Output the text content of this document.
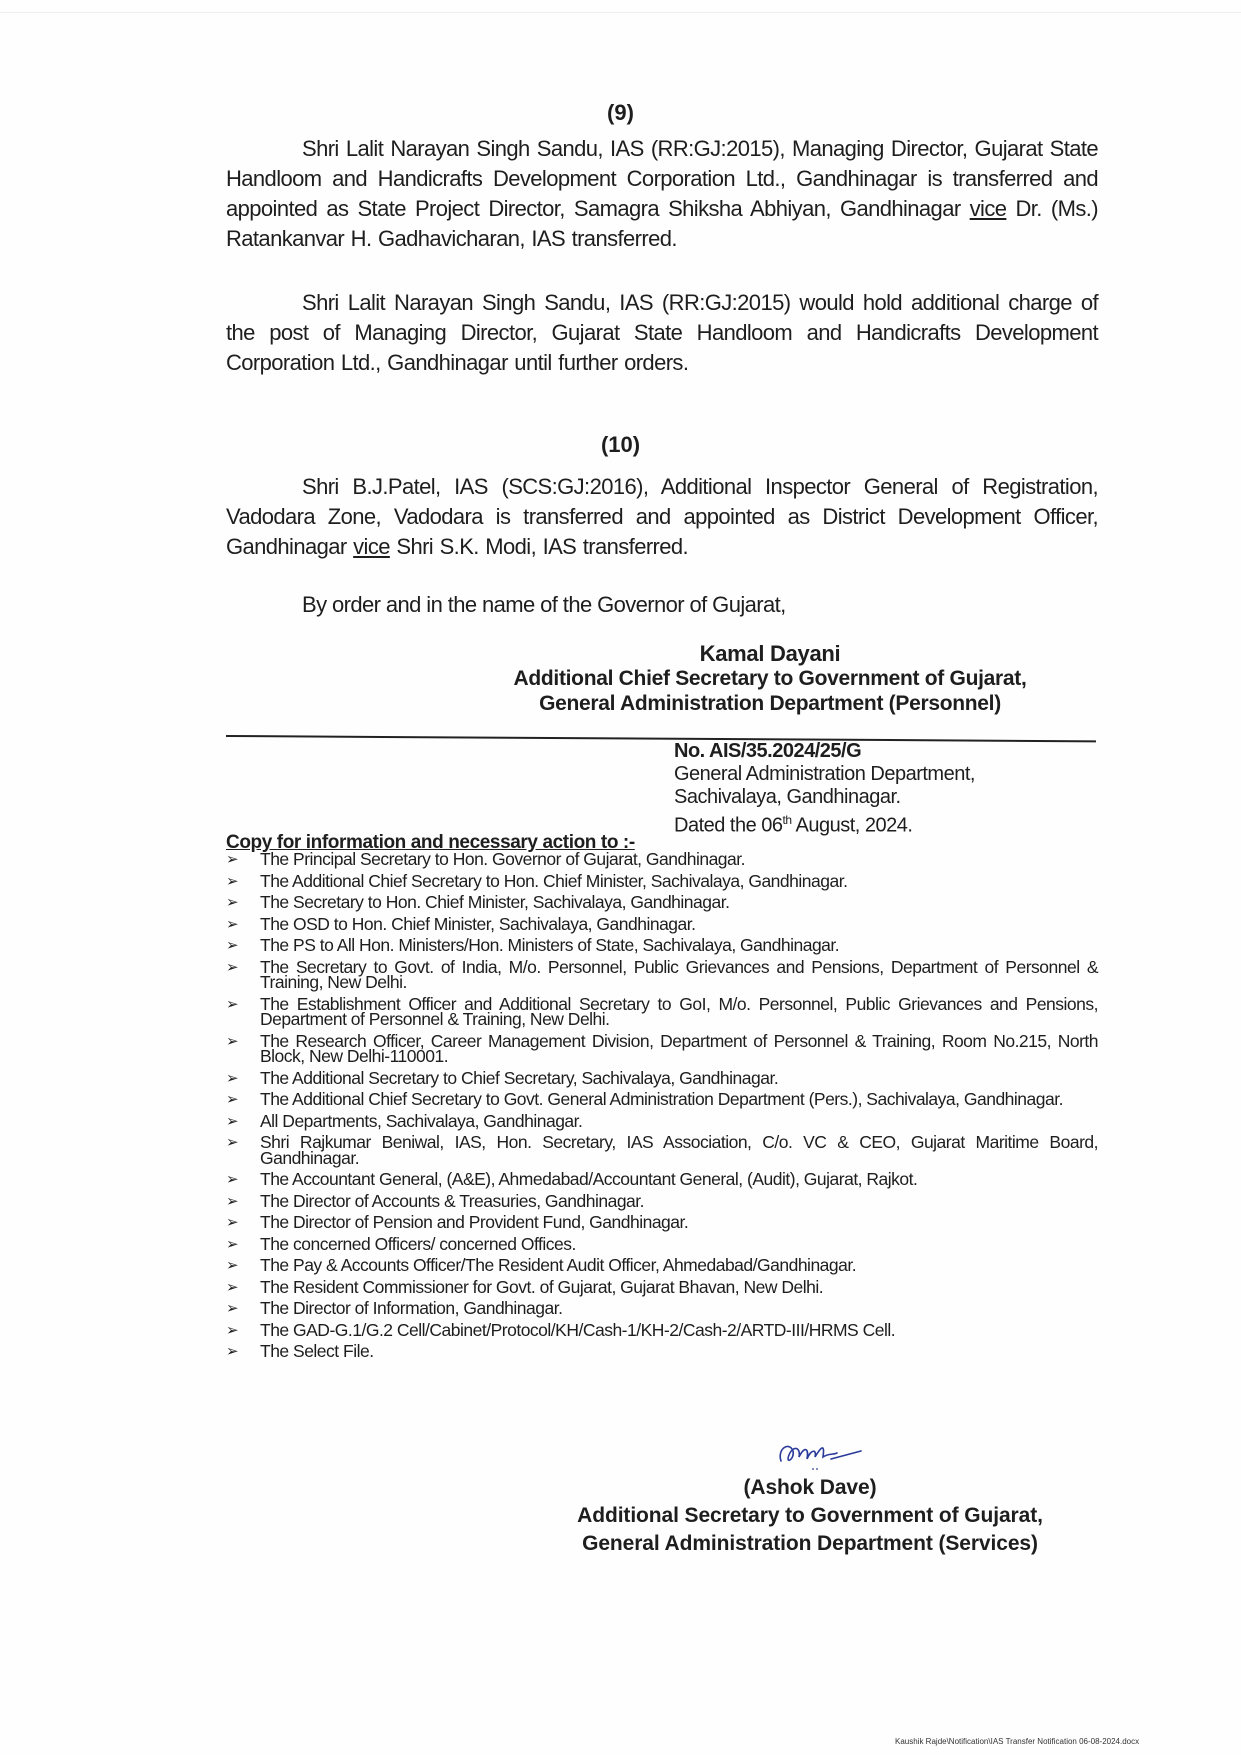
(9)
Shri Lalit Narayan Singh Sandu, IAS (RR:GJ:2015), Managing Director, Gujarat State Handloom and Handicrafts Development Corporation Ltd., Gandhinagar is transferred and appointed as State Project Director, Samagra Shiksha Abhiyan, Gandhinagar vice Dr. (Ms.) Ratankanvar H. Gadhavicharan, IAS transferred.
Shri Lalit Narayan Singh Sandu, IAS (RR:GJ:2015) would hold additional charge of the post of Managing Director, Gujarat State Handloom and Handicrafts Development Corporation Ltd., Gandhinagar until further orders.
(10)
Shri B.J.Patel, IAS (SCS:GJ:2016), Additional Inspector General of Registration, Vadodara Zone, Vadodara is transferred and appointed as District Development Officer, Gandhinagar vice Shri S.K. Modi, IAS transferred.
By order and in the name of the Governor of Gujarat,
Kamal Dayani
Additional Chief Secretary to Government of Gujarat,
General Administration Department (Personnel)
No. AIS/35.2024/25/G
General Administration Department,
Sachivalaya, Gandhinagar.
Dated the 06th August, 2024.
Copy for information and necessary action to :-
➢ The Principal Secretary to Hon. Governor of Gujarat, Gandhinagar.
➢ The Additional Chief Secretary to Hon. Chief Minister, Sachivalaya, Gandhinagar.
➢ The Secretary to Hon. Chief Minister, Sachivalaya, Gandhinagar.
➢ The OSD to Hon. Chief Minister, Sachivalaya, Gandhinagar.
➢ The PS to All Hon. Ministers/Hon. Ministers of State, Sachivalaya, Gandhinagar.
➢ The Secretary to Govt. of India, M/o. Personnel, Public Grievances and Pensions, Department of Personnel & Training, New Delhi.
➢ The Establishment Officer and Additional Secretary to GoI, M/o. Personnel, Public Grievances and Pensions, Department of Personnel & Training, New Delhi.
➢ The Research Officer, Career Management Division, Department of Personnel & Training, Room No.215, North Block, New Delhi-110001.
➢ The Additional Secretary to Chief Secretary, Sachivalaya, Gandhinagar.
➢ The Additional Chief Secretary to Govt. General Administration Department (Pers.), Sachivalaya, Gandhinagar.
➢ All Departments, Sachivalaya, Gandhinagar.
➢ Shri Rajkumar Beniwal, IAS, Hon. Secretary, IAS Association, C/o. VC & CEO, Gujarat Maritime Board, Gandhinagar.
➢ The Accountant General, (A&E), Ahmedabad/Accountant General, (Audit), Gujarat, Rajkot.
➢ The Director of Accounts & Treasuries, Gandhinagar.
➢ The Director of Pension and Provident Fund, Gandhinagar.
➢ The concerned Officers/ concerned Offices.
➢ The Pay & Accounts Officer/The Resident Audit Officer, Ahmedabad/Gandhinagar.
➢ The Resident Commissioner for Govt. of Gujarat, Gujarat Bhavan, New Delhi.
➢ The Director of Information, Gandhinagar.
➢ The GAD-G.1/G.2 Cell/Cabinet/Protocol/KH/Cash-1/KH-2/Cash-2/ARTD-III/HRMS Cell.
➢ The Select File.
(Ashok Dave)
Additional Secretary to Government of Gujarat,
General Administration Department (Services)
Kaushik Rajde\Notification\IAS Transfer Notification 06-08-2024.docx
